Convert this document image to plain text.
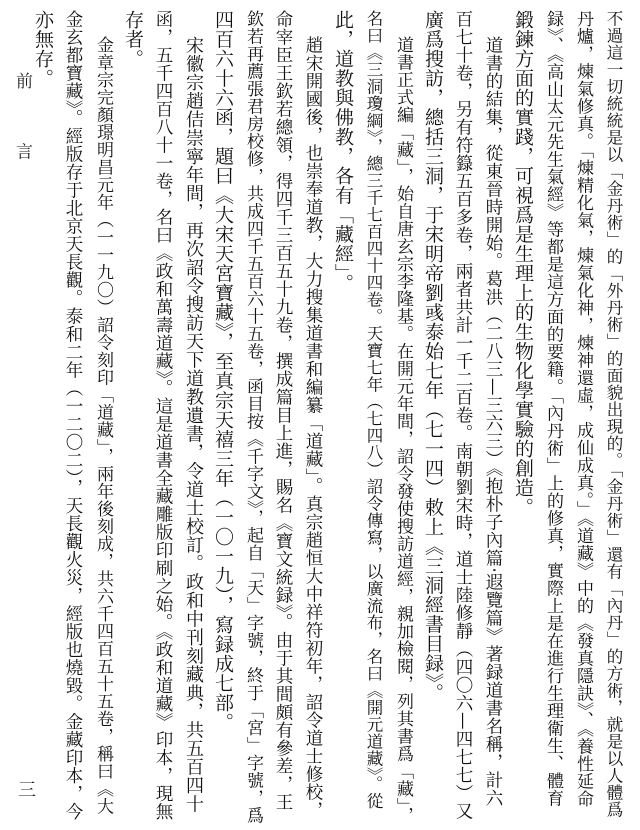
不過這一切統統是以「金丹術」的「外丹術」的面貌出現的。「金丹術」還有「內丹」的方術，就是以人體爲
丹爐，煉氣修真。「煉精化氣，煉氣化神，煉神還虛，成仙成真。」《道藏》中的《發真隱訣》、《養性延命
録》、《高山太元先生氣經》等都是這方面的要籍。「內丹術」上的修真，實際上是在進行生理衛生、體育
鍛鍊方面的實踐，可視爲是生理上的生物化學實驗的創造。
道書的結集，從東晉時開始。葛洪（二八三—三六三）《抱朴子內篇‧遐覽篇》著録道書名稱，計六
百七十卷，另有符籙五百多卷，兩者共計一千二百卷。南朝劉宋時，道士陸修靜（四〇六—四七七）又
廣爲搜訪，總括三洞，于宋明帝劉彧泰始七年（七一四）敕上《三洞經書目録》。
道書正式編「藏」，始自唐玄宗李隆基。在開元年間，詔令發使搜訪道經，親加檢閱，列其書爲「藏」，
名曰《三洞瓊綱》，總三千七百四十四卷。天寶七年（七四八）詔令傳寫，以廣流布，名曰《開元道藏》。從
此，道教與佛教，各有「藏經」。
趙宋開國後，也崇奉道教，大力搜集道書和編纂「道藏」。真宗趙恒大中祥符初年，詔令道士修校，
命宰臣王欽若總領，得四千三百五十九卷，撰成篇目上進，賜名《寶文統録》。由于其間頗有參差，王
欽若再薦張君房校修，共成四千五百六十五卷，函目按《千字文》，起自「天」字號，終于「宮」字號，爲
四百六十六函，題曰《大宋天宮寶藏》，至真宗天禧三年（一〇一九），寫録成七部。
宋徽宗趙佶崇寧年間，再次詔令搜訪天下道教遺書，令道士校訂。政和中刊刻藏典，共五百四十
函，五千四百八十一卷，名曰《政和萬壽道藏》。這是道書全藏雕版印刷之始。《政和道藏》印本，現無
存者。
金章宗完顏璟明昌元年（一一九〇）詔令刻印「道藏」，兩年後刻成，共六千四百五十五卷，稱曰《大
金玄都寶藏》。經版存于北京天長觀。泰和二年（一二〇二），天長觀火災，經版也燒毀。金藏印本，今
亦無存。
前 言
三
